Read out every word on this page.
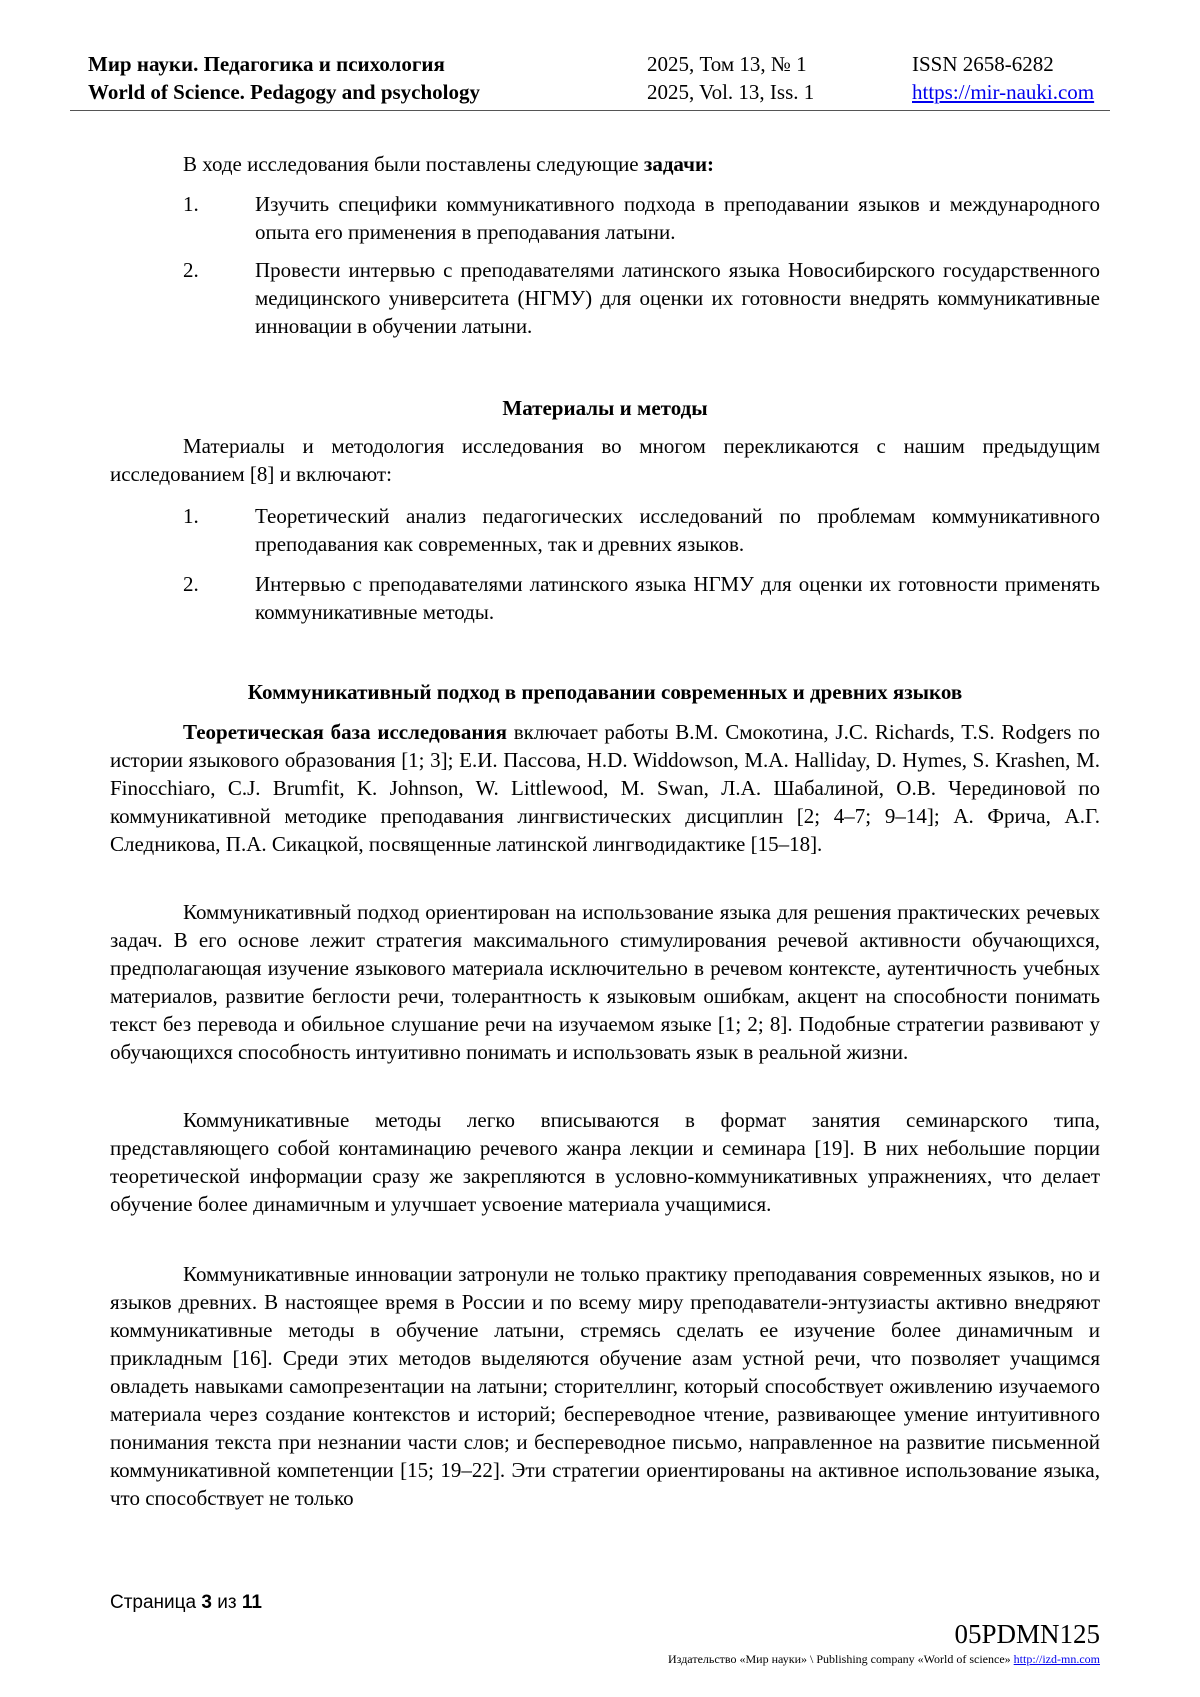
Мир науки. Педагогика и психология
World of Science. Pedagogy and psychology
2025, Том 13, № 1
2025, Vol. 13, Iss. 1
ISSN 2658-6282
https://mir-nauki.com
В ходе исследования были поставлены следующие задачи:
1.	Изучить специфики коммуникативного подхода в преподавании языков и международного опыта его применения в преподавания латыни.
2.	Провести интервью с преподавателями латинского языка Новосибирского государственного медицинского университета (НГМУ) для оценки их готовности внедрять коммуникативные инновации в обучении латыни.
Материалы и методы
Материалы и методология исследования во многом перекликаются с нашим предыдущим исследованием [8] и включают:
1.	Теоретический анализ педагогических исследований по проблемам коммуникативного преподавания как современных, так и древних языков.
2.	Интервью с преподавателями латинского языка НГМУ для оценки их готовности применять коммуникативные методы.
Коммуникативный подход в преподавании современных и древних языков
Теоретическая база исследования включает работы В.М. Смокотина, J.C. Richards, T.S. Rodgers по истории языкового образования [1; 3]; Е.И. Пассова, H.D. Widdowson, M.A. Halliday, D. Hymes, S. Krashen, M. Finocchiaro, C.J. Brumfit, K. Johnson, W. Littlewood, M. Swan, Л.А. Шабалиной, О.В. Черединовой по коммуникативной методике преподавания лингвистических дисциплин [2; 4–7; 9–14]; А. Фрича, А.Г. Следникова, П.А. Сикацкой, посвященные латинской лингводидактике [15–18].
Коммуникативный подход ориентирован на использование языка для решения практических речевых задач. В его основе лежит стратегия максимального стимулирования речевой активности обучающихся, предполагающая изучение языкового материала исключительно в речевом контексте, аутентичность учебных материалов, развитие беглости речи, толерантность к языковым ошибкам, акцент на способности понимать текст без перевода и обильное слушание речи на изучаемом языке [1; 2; 8]. Подобные стратегии развивают у обучающихся способность интуитивно понимать и использовать язык в реальной жизни.
Коммуникативные методы легко вписываются в формат занятия семинарского типа, представляющего собой контаминацию речевого жанра лекции и семинара [19]. В них небольшие порции теоретической информации сразу же закрепляются в условно-коммуникативных упражнениях, что делает обучение более динамичным и улучшает усвоение материала учащимися.
Коммуникативные инновации затронули не только практику преподавания современных языков, но и языков древних. В настоящее время в России и по всему миру преподаватели-энтузиасты активно внедряют коммуникативные методы в обучение латыни, стремясь сделать ее изучение более динамичным и прикладным [16]. Среди этих методов выделяются обучение азам устной речи, что позволяет учащимся овладеть навыками самопрезентации на латыни; сторителлинг, который способствует оживлению изучаемого материала через создание контекстов и историй; беспереводное чтение, развивающее умение интуитивного понимания текста при незнании части слов; и беспереводное письмо, направленное на развитие письменной коммуникативной компетенции [15; 19–22]. Эти стратегии ориентированы на активное использование языка, что способствует не только
Страница 3 из 11
05PDMN125
Издательство «Мир науки» \ Publishing company «World of science» http://izd-mn.com
